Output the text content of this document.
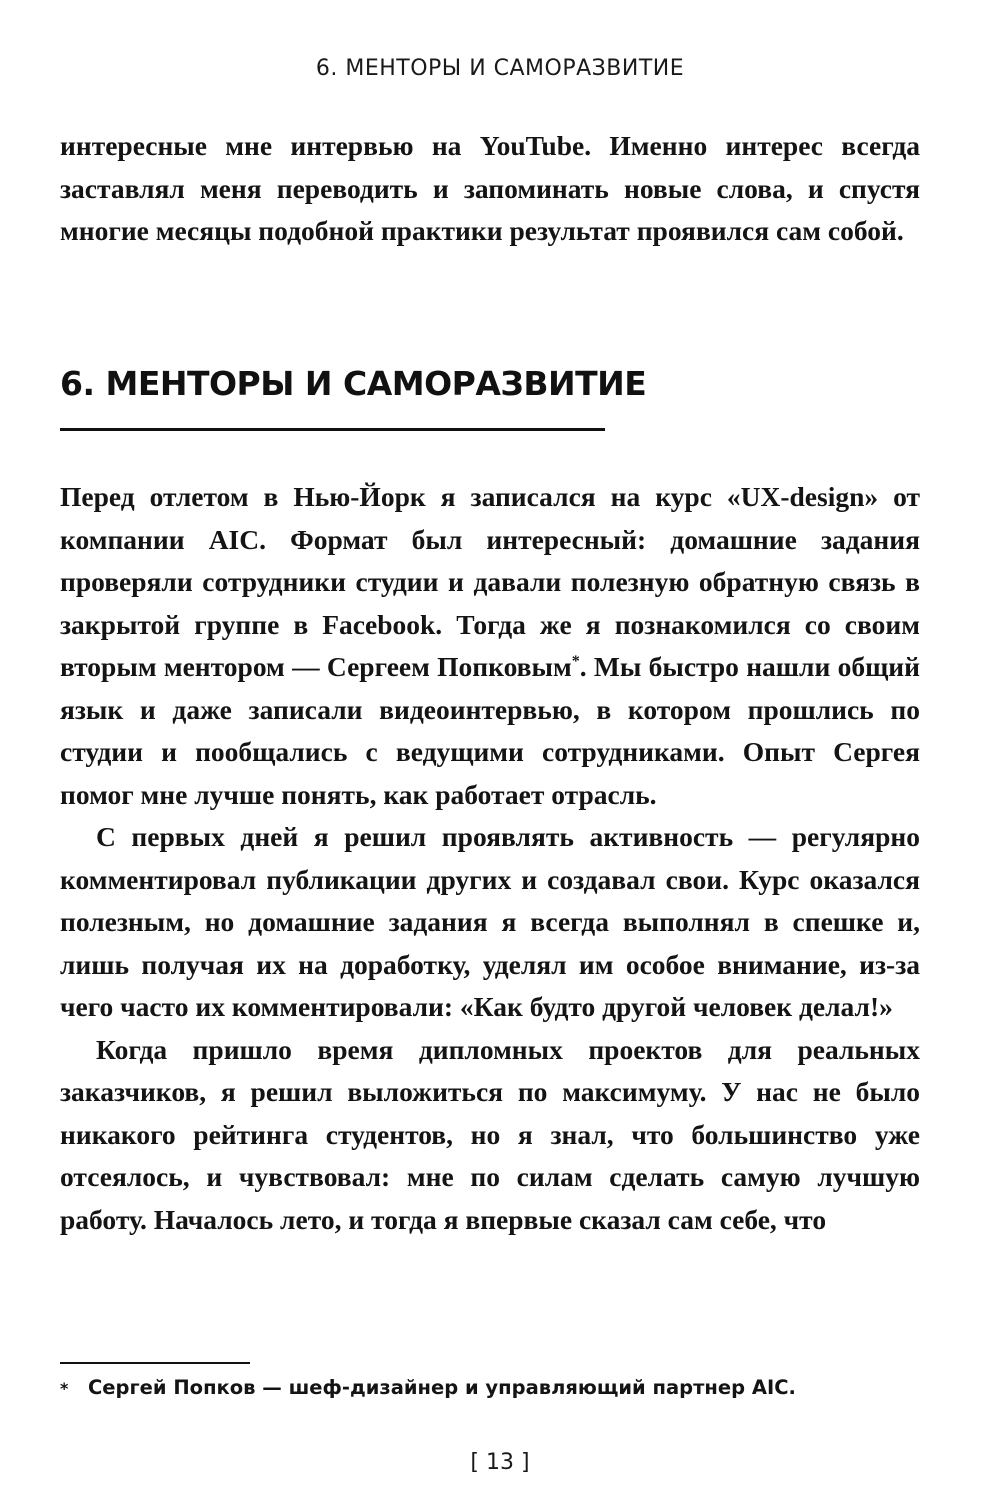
6. МЕНТОРЫ И САМОРАЗВИТИЕ

интересные мне интервью на YouTube. Именно интерес всегда заставлял меня переводить и запоминать новые слова, и спустя многие месяцы подобной практики результат проявился сам собой.

6. МЕНТОРЫ И САМОРАЗВИТИЕ

Перед отлетом в Нью-Йорк я записался на курс «UX-design» от компании AIC. Формат был интересный: домашние задания проверяли сотрудники студии и давали полезную обратную связь в закрытой группе в Facebook. Тогда же я познакомился со своим вторым ментором — Сергеем Попковым*. Мы быстро нашли общий язык и даже записали видеоинтервью, в котором прошлись по студии и пообщались с ведущими сотрудниками. Опыт Сергея помог мне лучше понять, как работает отрасль.

С первых дней я решил проявлять активность — регулярно комментировал публикации других и создавал свои. Курс оказался полезным, но домашние задания я всегда выполнял в спешке и, лишь получая их на доработку, уделял им особое внимание, из-за чего часто их комментировали: «Как будто другой человек делал!»

Когда пришло время дипломных проектов для реальных заказчиков, я решил выложиться по максимуму. У нас не было никакого рейтинга студентов, но я знал, что большинство уже отсеялось, и чувствовал: мне по силам сделать самую лучшую работу. Началось лето, и тогда я впервые сказал сам себе, что

* Сергей Попков — шеф-дизайнер и управляющий партнер AIC.
[ 13 ]
